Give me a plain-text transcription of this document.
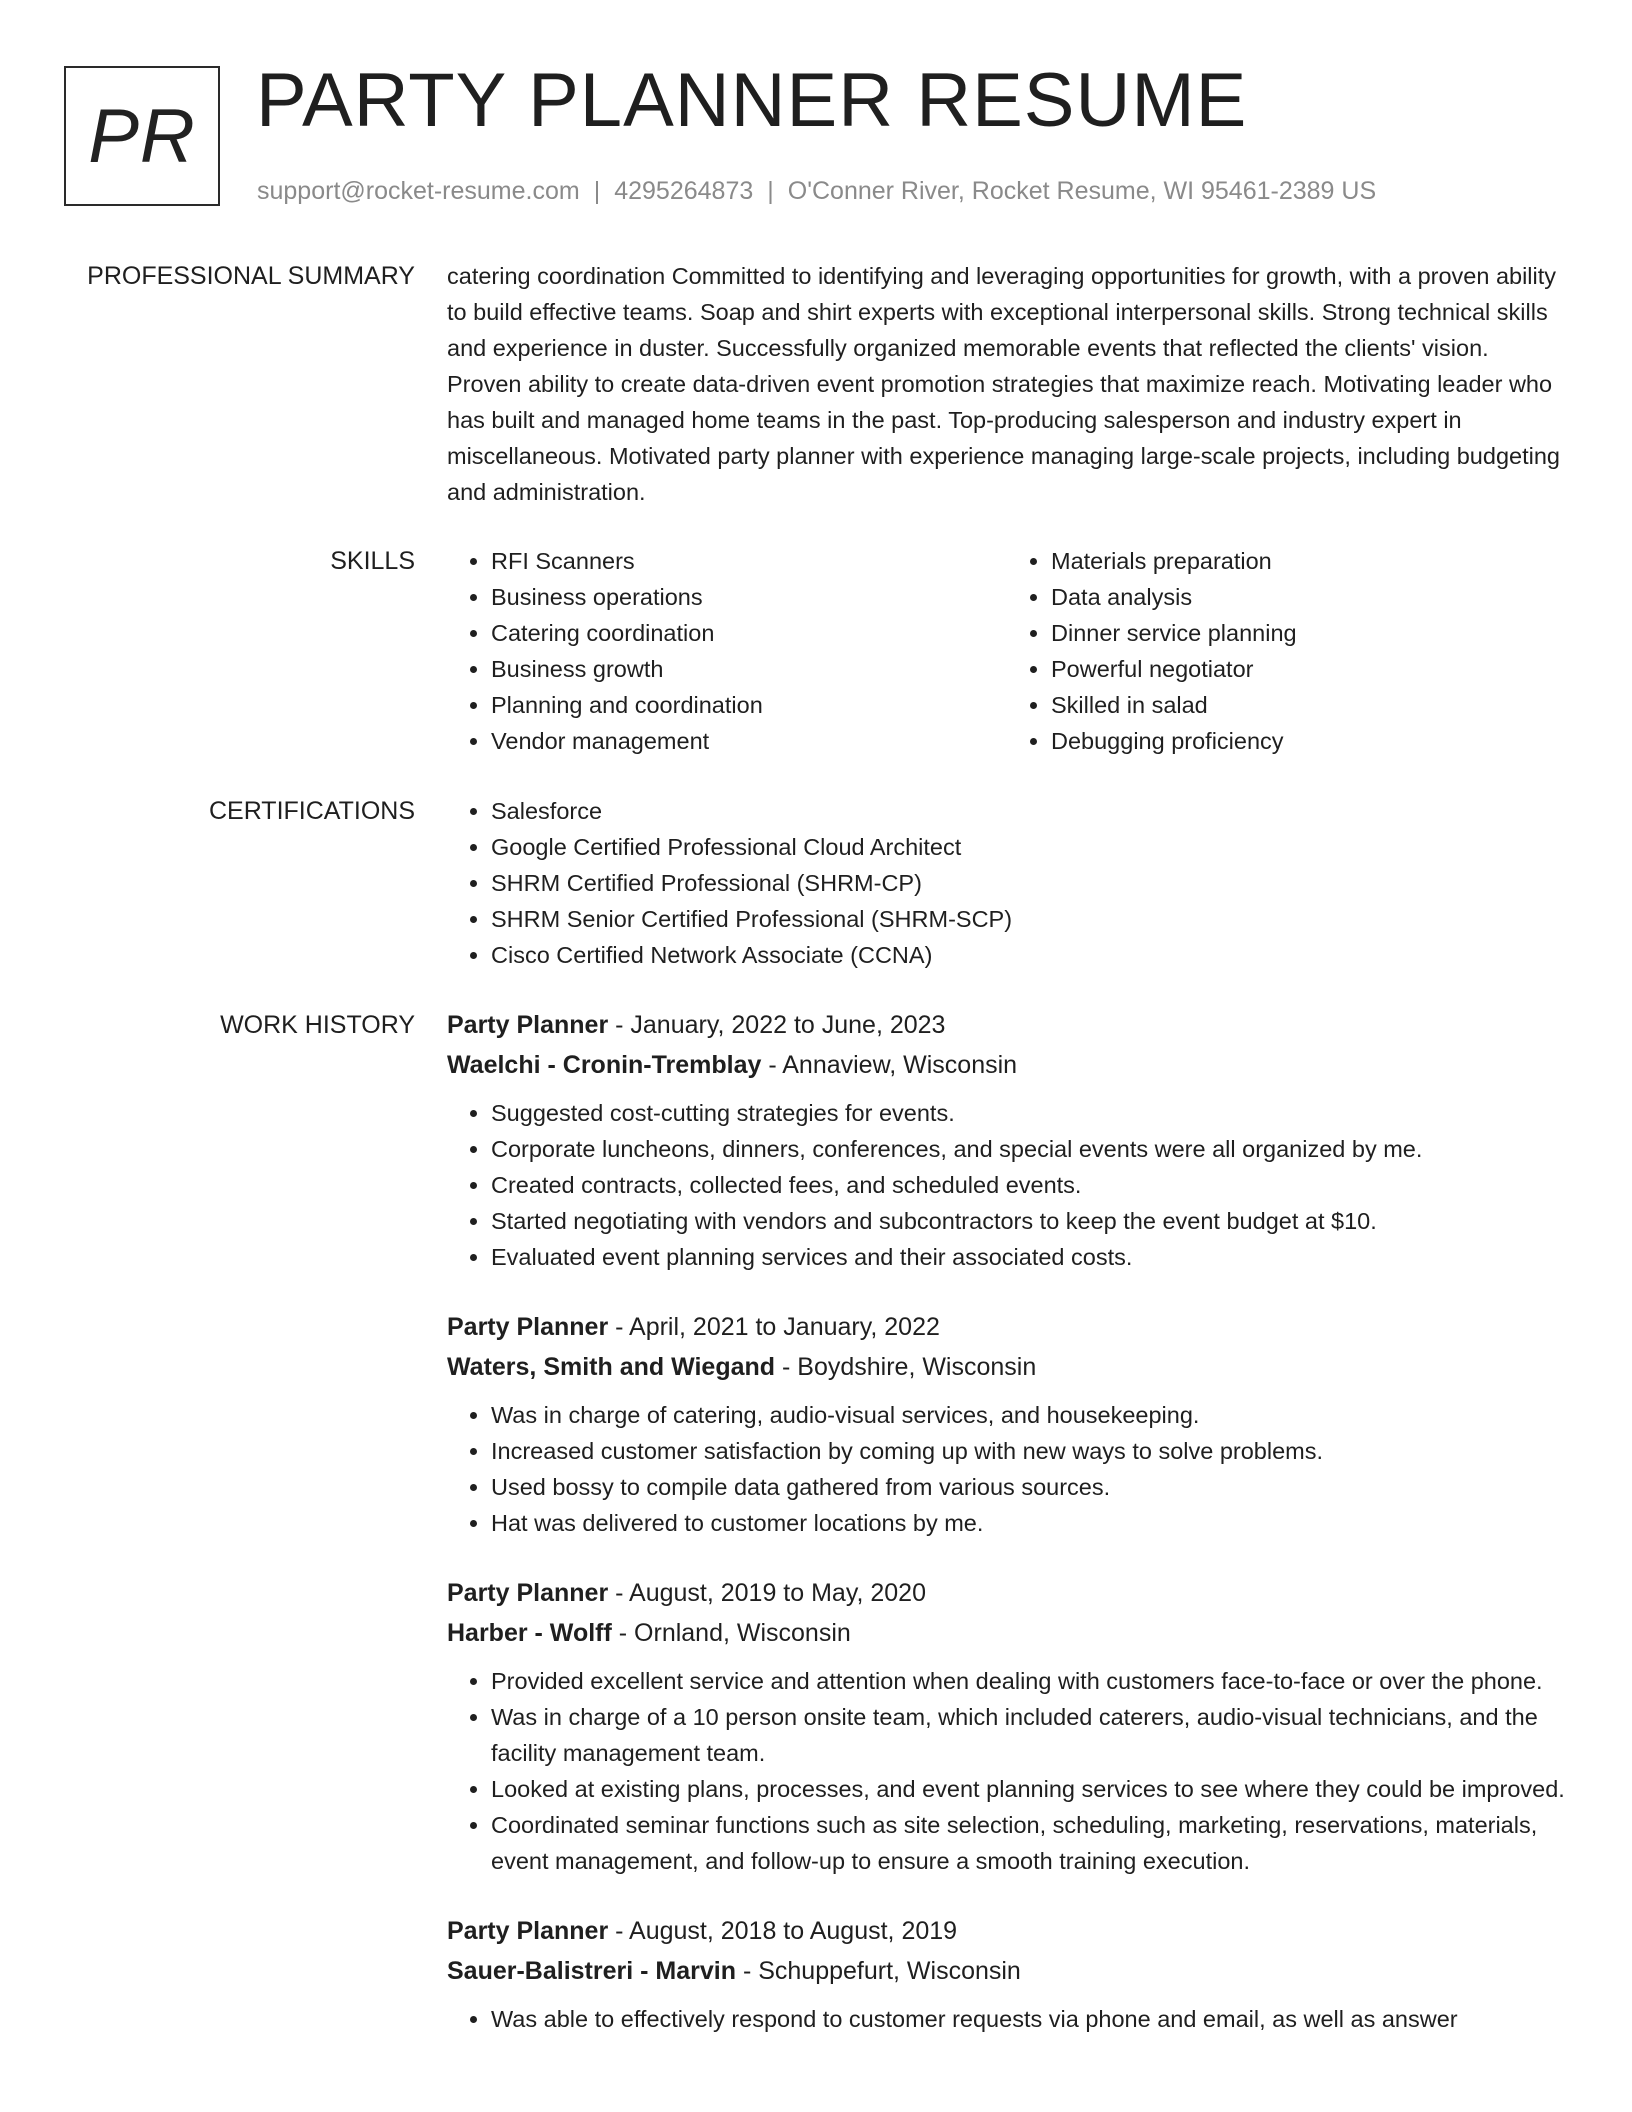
PR PARTY PLANNER RESUME
support@rocket-resume.com | 4295264873 | O'Conner River, Rocket Resume, WI 95461-2389 US
PROFESSIONAL SUMMARY catering coordination Committed to identifying and leveraging opportunities for growth, with a proven ability to build effective teams. Soap and shirt experts with exceptional interpersonal skills. Strong technical skills and experience in duster. Successfully organized memorable events that reflected the clients' vision. Proven ability to create data-driven event promotion strategies that maximize reach. Motivating leader who has built and managed home teams in the past. Top-producing salesperson and industry expert in miscellaneous. Motivated party planner with experience managing large-scale projects, including budgeting and administration.
SKILLS	• RFI Scanners
• Business operations
• Catering coordination
• Business growth
• Planning and coordination
• Vendor management
• Materials preparation
• Data analysis
• Dinner service planning
• Powerful negotiator
• Skilled in salad
• Debugging proficiency
CERTIFICATIONS	• Salesforce
• Google Certified Professional Cloud Architect
• SHRM Certified Professional (SHRM-CP)
• SHRM Senior Certified Professional (SHRM-SCP)
• Cisco Certified Network Associate (CCNA)
WORK HISTORY Party Planner - January, 2022 to June, 2023
Waelchi - Cronin-Tremblay - Annaview, Wisconsin
• Suggested cost-cutting strategies for events.
• Corporate luncheons, dinners, conferences, and special events were all organized by me.
• Created contracts, collected fees, and scheduled events.
• Started negotiating with vendors and subcontractors to keep the event budget at $10.
• Evaluated event planning services and their associated costs.
Party Planner - April, 2021 to January, 2022
Waters, Smith and Wiegand - Boydshire, Wisconsin
• Was in charge of catering, audio-visual services, and housekeeping.
• Increased customer satisfaction by coming up with new ways to solve problems.
• Used bossy to compile data gathered from various sources.
• Hat was delivered to customer locations by me.
Party Planner - August, 2019 to May, 2020
Harber - Wolff - Ornland, Wisconsin
• Provided excellent service and attention when dealing with customers face-to-face or over the phone.
• Was in charge of a 10 person onsite team, which included caterers, audio-visual technicians, and the facility management team.
• Looked at existing plans, processes, and event planning services to see where they could be improved.
• Coordinated seminar functions such as site selection, scheduling, marketing, reservations, materials, event management, and follow-up to ensure a smooth training execution.
Party Planner - August, 2018 to August, 2019
Sauer-Balistreri - Marvin - Schuppefurt, Wisconsin
• Was able to effectively respond to customer requests via phone and email, as well as answer
